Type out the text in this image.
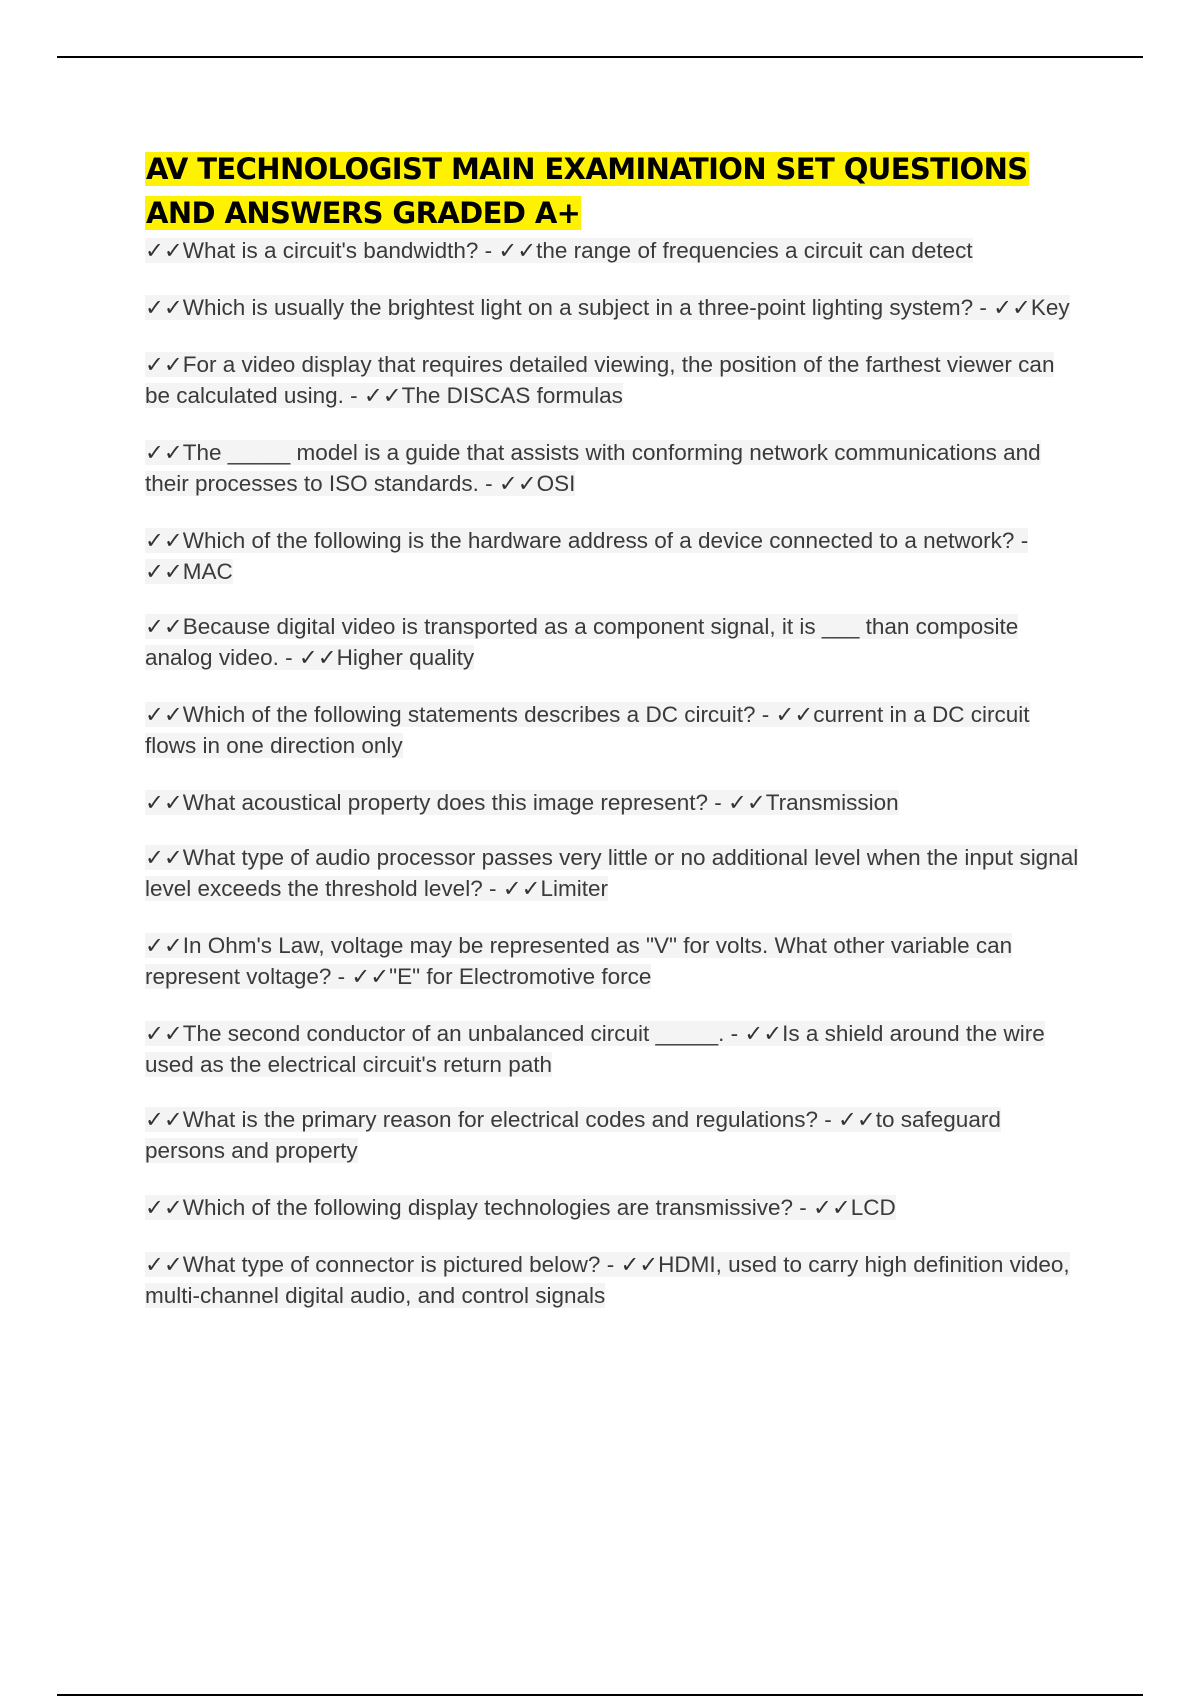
AV TECHNOLOGIST MAIN EXAMINATION SET QUESTIONS AND ANSWERS GRADED A+
✓✓What is a circuit's bandwidth? - ✓✓the range of frequencies a circuit can detect
✓✓Which is usually the brightest light on a subject in a three-point lighting system? - ✓✓Key
✓✓For a video display that requires detailed viewing, the position of the farthest viewer can be calculated using. - ✓✓The DISCAS formulas
✓✓The _____ model is a guide that assists with conforming network communications and their processes to ISO standards. - ✓✓OSI
✓✓Which of the following is the hardware address of a device connected to a network? - ✓✓MAC
✓✓Because digital video is transported as a component signal, it is ___ than composite analog video. - ✓✓Higher quality
✓✓Which of the following statements describes a DC circuit? - ✓✓current in a DC circuit flows in one direction only
✓✓What acoustical property does this image represent? - ✓✓Transmission
✓✓What type of audio processor passes very little or no additional level when the input signal level exceeds the threshold level? - ✓✓Limiter
✓✓In Ohm's Law, voltage may be represented as "V" for volts. What other variable can represent voltage? - ✓✓"E" for Electromotive force
✓✓The second conductor of an unbalanced circuit _____. - ✓✓Is a shield around the wire used as the electrical circuit's return path
✓✓What is the primary reason for electrical codes and regulations? - ✓✓to safeguard persons and property
✓✓Which of the following display technologies are transmissive? - ✓✓LCD
✓✓What type of connector is pictured below? - ✓✓HDMI, used to carry high definition video, multi-channel digital audio, and control signals
